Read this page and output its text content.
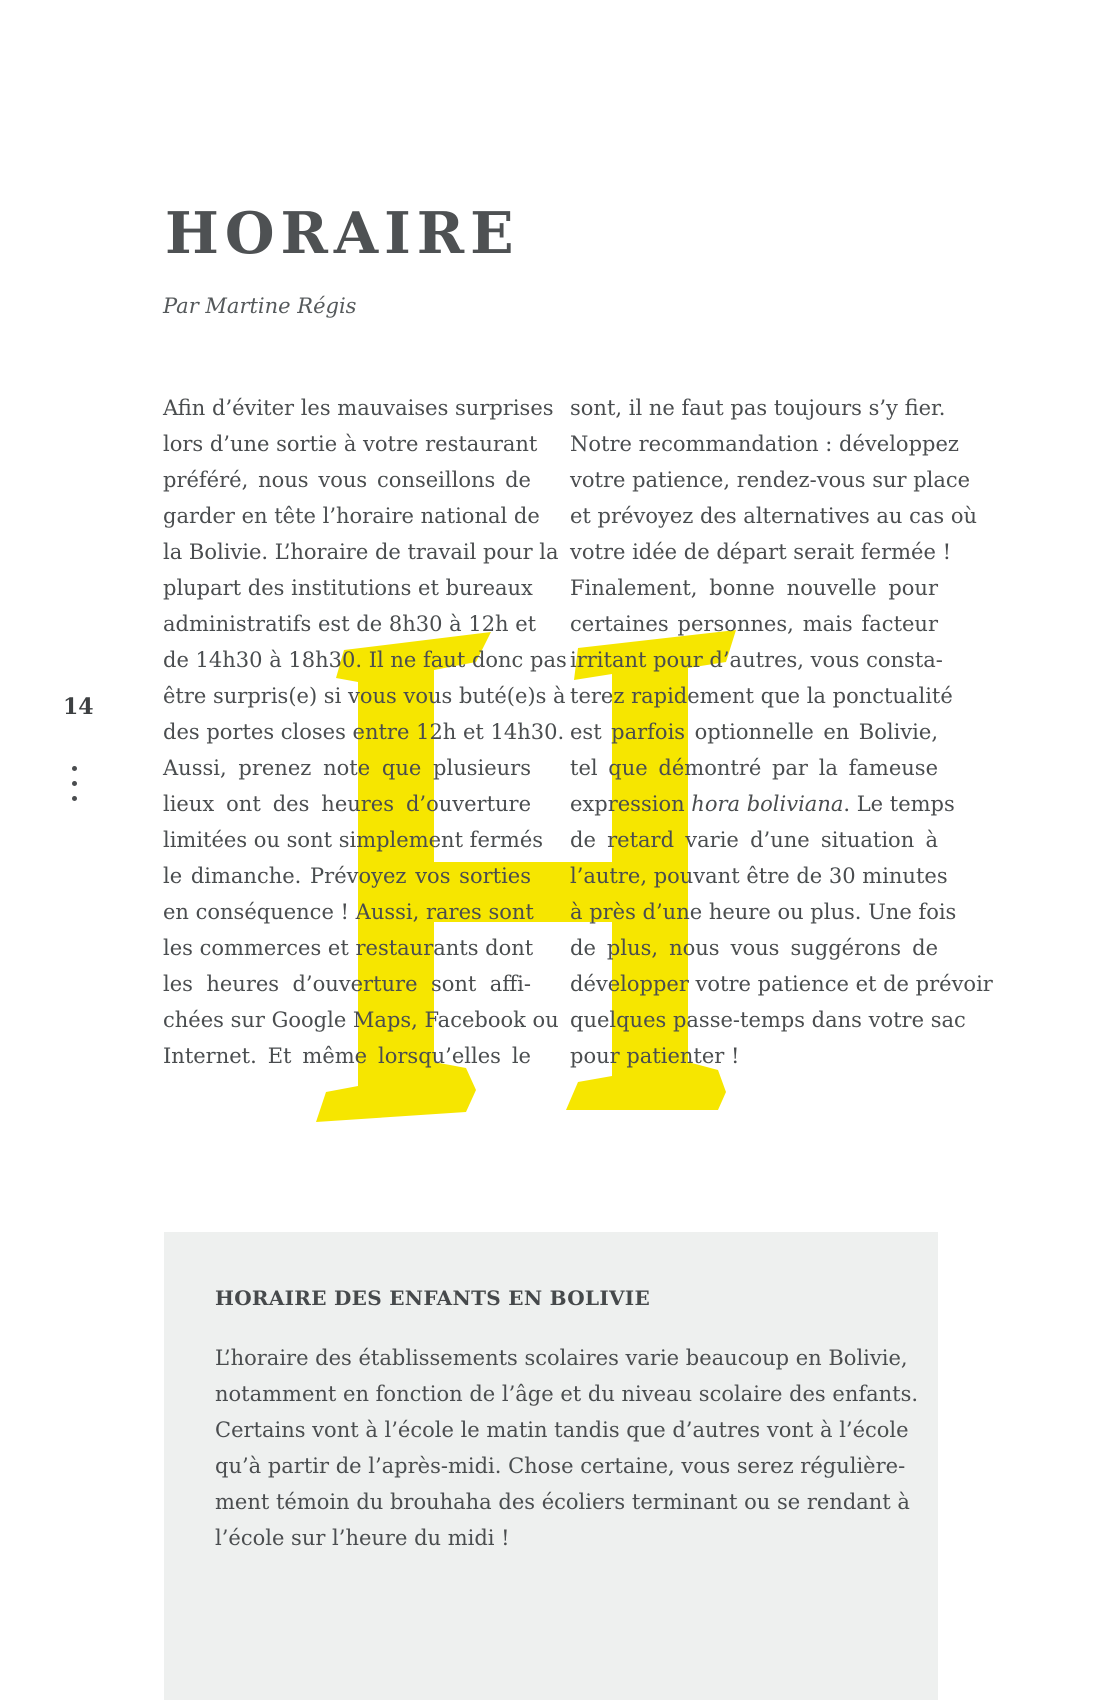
HORAIRE
Par Martine Régis
Afin d’éviter les mauvaises surprises
lors d’une sortie à votre restaurant
préféré, nous vous conseillons de
garder en tête l’horaire national de
la Bolivie. L’horaire de travail pour la
plupart des institutions et bureaux
administratifs est de 8h30 à 12h et
de 14h30 à 18h30. Il ne faut donc pas
être surpris(e) si vous vous buté(e)s à
des portes closes entre 12h et 14h30.
Aussi, prenez note que plusieurs
lieux ont des heures d’ouverture
limitées ou sont simplement fermés
le dimanche. Prévoyez vos sorties
en conséquence ! Aussi, rares sont
les commerces et restaurants dont
les heures d’ouverture sont affi-
chées sur Google Maps, Facebook ou
Internet. Et même lorsqu’elles le
sont, il ne faut pas toujours s’y fier.
Notre recommandation : développez
votre patience, rendez-vous sur place
et prévoyez des alternatives au cas où
votre idée de départ serait fermée !
Finalement, bonne nouvelle pour
certaines personnes, mais facteur
irritant pour d’autres, vous consta-
terez rapidement que la ponctualité
est parfois optionnelle en Bolivie,
tel que démontré par la fameuse
expression hora boliviana. Le temps
de retard varie d’une situation à
l’autre, pouvant être de 30 minutes
à près d’une heure ou plus. Une fois
de plus, nous vous suggérons de
développer votre patience et de prévoir
quelques passe-temps dans votre sac
pour patienter !
14
HORAIRE DES ENFANTS EN BOLIVIE
L’horaire des établissements scolaires varie beaucoup en Bolivie,
notamment en fonction de l’âge et du niveau scolaire des enfants.
Certains vont à l’école le matin tandis que d’autres vont à l’école
qu’à partir de l’après-midi. Chose certaine, vous serez régulière-
ment témoin du brouhaha des écoliers terminant ou se rendant à
l’école sur l’heure du midi !
